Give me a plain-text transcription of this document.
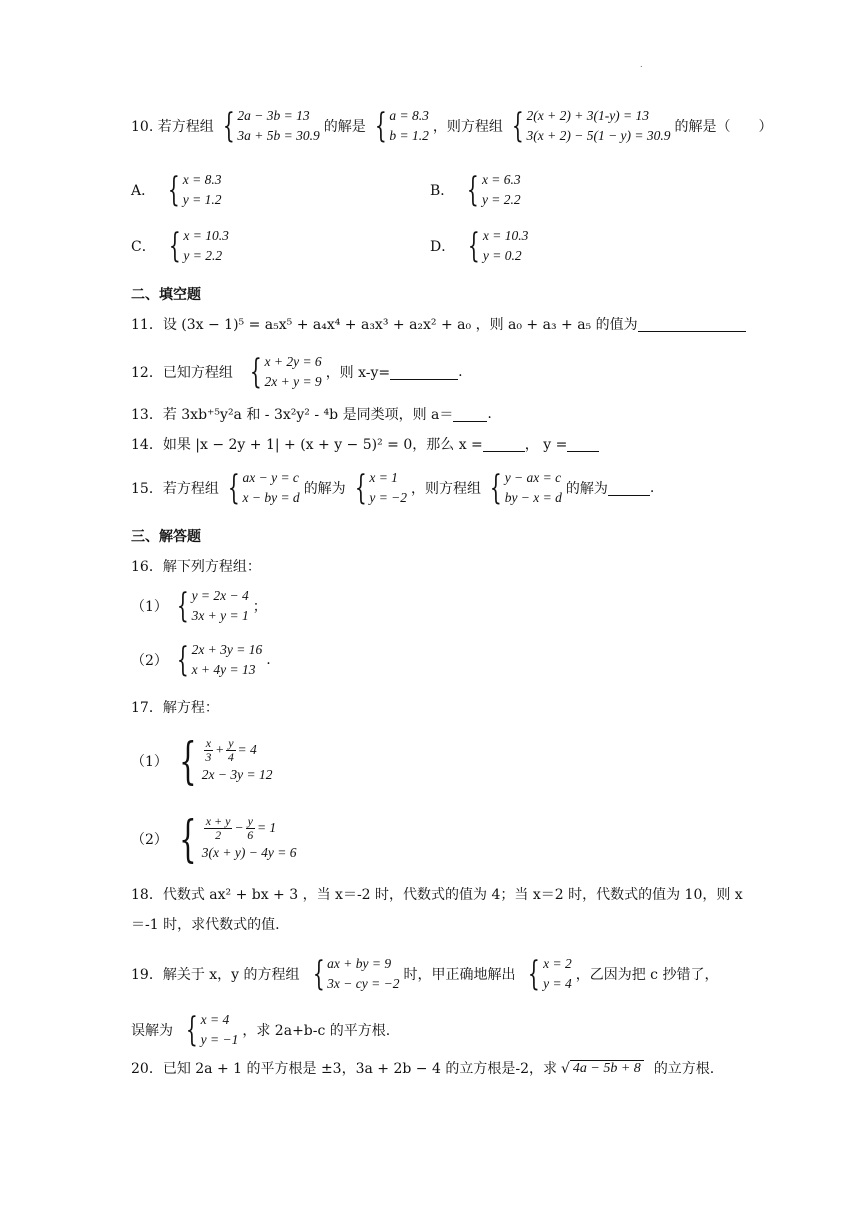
.
10. 若方程组 { 2a − 3b = 13
3a + 5b = 30.9
的解是 { a = 8.3
b = 1.2
，则方程组 { 2(x + 2) + 3(1-y) = 13
3(x + 2) − 5(1 − y) = 30.9
的解是（　　）
A． { x = 8.3
y = 1.2
B． { x = 6.3
y = 2.2
C． { x = 10.3
y = 2.2
D． { x = 10.3
y = 0.2
二、填空题
11．设 (3x − 1)⁵ = a₅x⁵ + a₄x⁴ + a₃x³ + a₂x² + a₀ ，则 a₀ + a₃ + a₅ 的值为
12．已知方程组 { x + 2y = 6
2x + y = 9
，则 x-y=	.
13．若 3xb⁺⁵y²a 和 - 3x²y² - ⁴b 是同类项，则 a＝ .
14．如果 |x − 2y + 1| + (x + y − 5)² = 0，那么 x =	， y =
15．若方程组 { ax − y = c
x − by = d
的解为 { x = 1
y = −2
，则方程组 { y − ax = c
by − x = d
的解为	.
三、解答题
16．解下列方程组：
（1） { y = 2x − 4
3x + y = 1
；
（2） { 2x + 3y = 16
x + 4y = 13
.
17．解方程：
（1） { $\frac{x}{3} + \frac{y}{4} = 4$
2x − 3y = 12
（2） { $\frac{x + y}{2} - \frac{y}{6} = 1$
3(x + y) − 4y = 6
18．代数式 ax² + bx + 3 ，当 x＝-2 时，代数式的值为 4；当 x＝2 时，代数式的值为 10，则 x
＝-1 时，求代数式的值.
19．解关于 x，y 的方程组 { ax + by = 9
3x − cy = −2
时，甲正确地解出 { x = 2
y = 4
，乙因为把 c 抄错了，
误解为 { x = 4
y = −1
，求 2a+b-c 的平方根.
20．已知 2a + 1 的平方根是 ±3，3a + 2b − 4 的立方根是-2，求 √ 4a − 5b + 8 的立方根.
